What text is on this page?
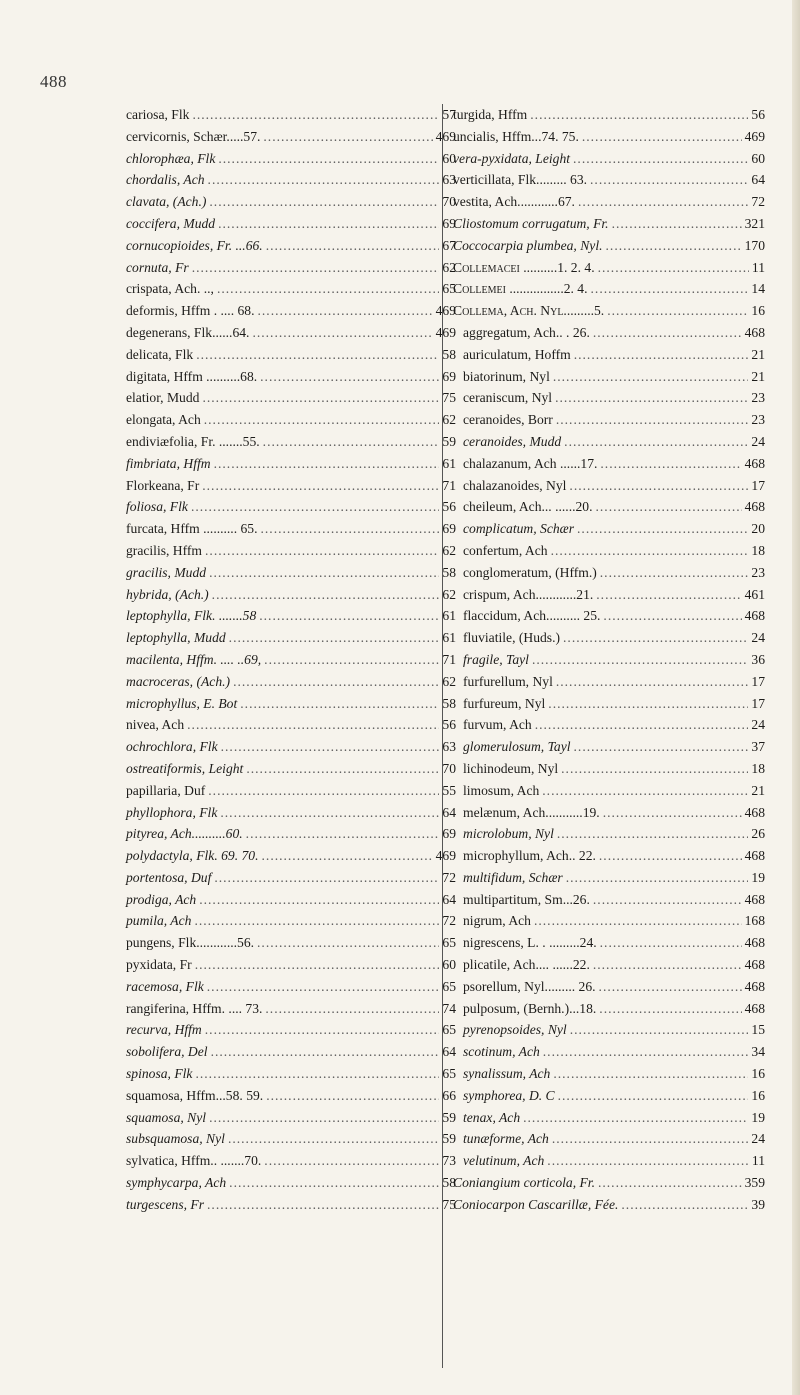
488
cariosa, Flk .....	57
cervicornis, Schær.....57. .....	469
chlorophæa, Flk .....	60
chordalis, Ach .....	63
clavata, (Ach.) .....	70
coccifera, Mudd .....	69
cornucopioides, Fr. ...66. .....	67
cornuta, Fr .....	62
crispata, Ach. .., .....	65
deformis, Hffm . .... 68. .....	469
degenerans, Flk......64. .....	469
delicata, Flk .....	58
digitata, Hffm ..........68. .....	69
elatior, Mudd .....	75
elongata, Ach .....	62
endiviæfolia, Fr. .......55. .....	59
fimbriata, Hffm .....	61
Florkeana, Fr .....	71
foliosa, Flk .....	56
furcata, Hffm .......... 65. .....	69
gracilis, Hffm .....	62
gracilis, Mudd .....	58
hybrida, (Ach.) .....	62
leptophylla, Flk. .......58 .....	61
leptophylla, Mudd .....	61
macilenta, Hffm. .... ..69, .....	71
macroceras, (Ach.) .....	62
microphyllus, E. Bot .....	58
nivea, Ach .....	56
ochrochlora, Flk .....	63
ostreatiformis, Leight .....	70
papillaria, Duf .....	55
phyllophora, Flk .....	64
pityrea, Ach..........60. .....	69
polydactyla, Flk. 69. 70. .....	469
portentosa, Duf .....	72
prodiga, Ach .....	64
pumila, Ach .....	72
pungens, Flk............56. .....	65
pyxidata, Fr .....	60
racemosa, Flk .....	65
rangiferina, Hffm. .... 73. .....	74
recurva, Hffm .....	65
sobolifera, Del .....	64
spinosa, Flk .....	65
squamosa, Hffm...58. 59. .....	66
squamosa, Nyl .....	59
subsquamosa, Nyl .....	59
sylvatica, Hffm.. .......70. .....	73
symphycarpa, Ach .....	58
turgescens, Fr .....	75
turgida, Hffm .....	56
uncialis, Hffm...74. 75. .....	469
vera-pyxidata, Leight .....	60
verticillata, Flk......... 63. .....	64
vestita, Ach............67. .....	72
Cliostomum corrugatum, Fr. .....	321
Coccocarpia plumbea, Nyl. .....	170
Collemacei ..........1. 2. 4. .....	11
Collemei ................2. 4. .....	14
Collema, Ach. Nyl.........5. .....	16
aggregatum, Ach.. . 26. .....	468
auriculatum, Hoffm .....	21
biatorinum, Nyl .....	21
ceraniscum, Nyl .....	23
ceranoides, Borr .....	23
ceranoides, Mudd .....	24
chalazanum, Ach ......17. .....	468
chalazanoides, Nyl .....	17
cheileum, Ach... ......20. .....	468
complicatum, Schær .....	20
confertum, Ach .....	18
conglomeratum, (Hffm.) .....	23
crispum, Ach............21. .....	461
flaccidum, Ach.......... 25. .....	468
fluviatile, (Huds.) .....	24
fragile, Tayl .....	36
furfurellum, Nyl .....	17
furfureum, Nyl .....	17
furvum, Ach .....	24
glomerulosum, Tayl .....	37
lichinodeum, Nyl .....	18
limosum, Ach .....	21
melænum, Ach...........19. .....	468
microlobum, Nyl .....	26
microphyllum, Ach.. 22. .....	468
multifidum, Schær .....	19
multipartitum, Sm...26. .....	468
nigrum, Ach .....	168
nigrescens, L. . .........24. .....	468
plicatile, Ach.... ......22. .....	468
psorellum, Nyl......... 26. .....	468
pulposum, (Bernh.)...18. .....	468
pyrenopsoides, Nyl .....	15
scotinum, Ach .....	34
synalissum, Ach .....	16
symphorea, D. C .....	16
tenax, Ach .....	19
tunæforme, Ach .....	24
velutinum, Ach .....	11
Coniangium corticola, Fr. .....	359
Coniocarpon Cascarillæ, Fée. .....	39
